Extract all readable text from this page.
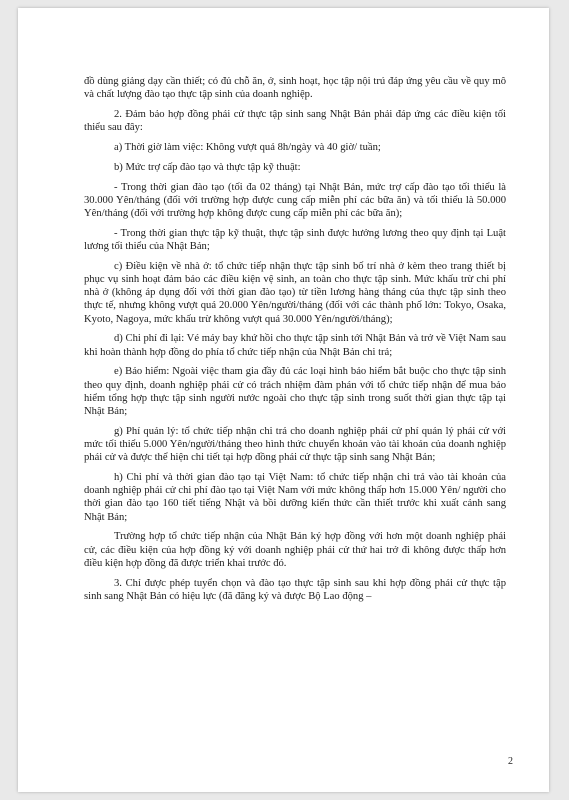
đồ dùng giảng dạy cần thiết; có đủ chỗ ăn, ở, sinh hoạt, học tập nội trú đáp ứng yêu cầu về quy mô và chất lượng đào tạo thực tập sinh của doanh nghiệp.

2. Đảm bảo hợp đồng phái cử thực tập sinh sang Nhật Bản phải đáp ứng các điều kiện tối thiểu sau đây:

a) Thời giờ làm việc: Không vượt quá 8h/ngày và 40 giờ/ tuần;

b) Mức trợ cấp đào tạo và thực tập kỹ thuật:

- Trong thời gian đào tạo (tối đa 02 tháng) tại Nhật Bản, mức trợ cấp đào tạo tối thiểu là 30.000 Yên/tháng (đối với trường hợp được cung cấp miễn phí các bữa ăn) và tối thiểu là 50.000 Yên/tháng (đối với trường hợp không được cung cấp miễn phí các bữa ăn);

- Trong thời gian thực tập kỹ thuật, thực tập sinh được hưởng lương theo quy định tại Luật lương tối thiểu của Nhật Bản;

c) Điều kiện về nhà ở: tổ chức tiếp nhận thực tập sinh bố trí nhà ở kèm theo trang thiết bị phục vụ sinh hoạt đảm bảo các điều kiện vệ sinh, an toàn cho thực tập sinh. Mức khấu trừ chi phí nhà ở (không áp dụng đối với thời gian đào tạo) từ tiền lương hàng tháng của thực tập sinh theo thực tế, nhưng không vượt quá 20.000 Yên/người/tháng (đối với các thành phố lớn: Tokyo, Osaka, Kyoto, Nagoya, mức khấu trừ không vượt quá 30.000 Yên/người/tháng);

d) Chi phí đi lại: Vé máy bay khứ hồi cho thực tập sinh tới Nhật Bản và trở về Việt Nam sau khi hoàn thành hợp đồng do phía tổ chức tiếp nhận của Nhật Bản chi trả;

e) Bảo hiểm: Ngoài việc tham gia đầy đủ các loại hình bảo hiểm bắt buộc cho thực tập sinh theo quy định, doanh nghiệp phái cử có trách nhiệm đàm phán với tổ chức tiếp nhận để mua bảo hiểm tổng hợp thực tập sinh người nước ngoài cho thực tập sinh trong suốt thời gian thực tập tại Nhật Bản;

g) Phí quản lý: tổ chức tiếp nhận chi trả cho doanh nghiệp phái cử phí quản lý phái cử với mức tối thiểu 5.000 Yên/người/tháng theo hình thức chuyển khoản vào tài khoản của doanh nghiệp phái cử và được thể hiện chi tiết tại hợp đồng phái cử thực tập sinh sang Nhật Bản;

h) Chi phí và thời gian đào tạo tại Việt Nam: tổ chức tiếp nhận chi trả vào tài khoản của doanh nghiệp phái cử chi phí đào tạo tại Việt Nam với mức không thấp hơn 15.000 Yên/ người cho thời gian đào tạo 160 tiết tiếng Nhật và bồi dưỡng kiến thức cần thiết trước khi xuất cảnh sang Nhật Bản;

Trường hợp tổ chức tiếp nhận của Nhật Bản ký hợp đồng với hơn một doanh nghiệp phái cử, các điều kiện của hợp đồng ký với doanh nghiệp phái cử thứ hai trở đi không được thấp hơn điều kiện hợp đồng đã được triển khai trước đó.

3. Chỉ được phép tuyển chọn và đào tạo thực tập sinh sau khi hợp đồng phái cử thực tập sinh sang Nhật Bản có hiệu lực (đã đăng ký và được Bộ Lao động –

2
